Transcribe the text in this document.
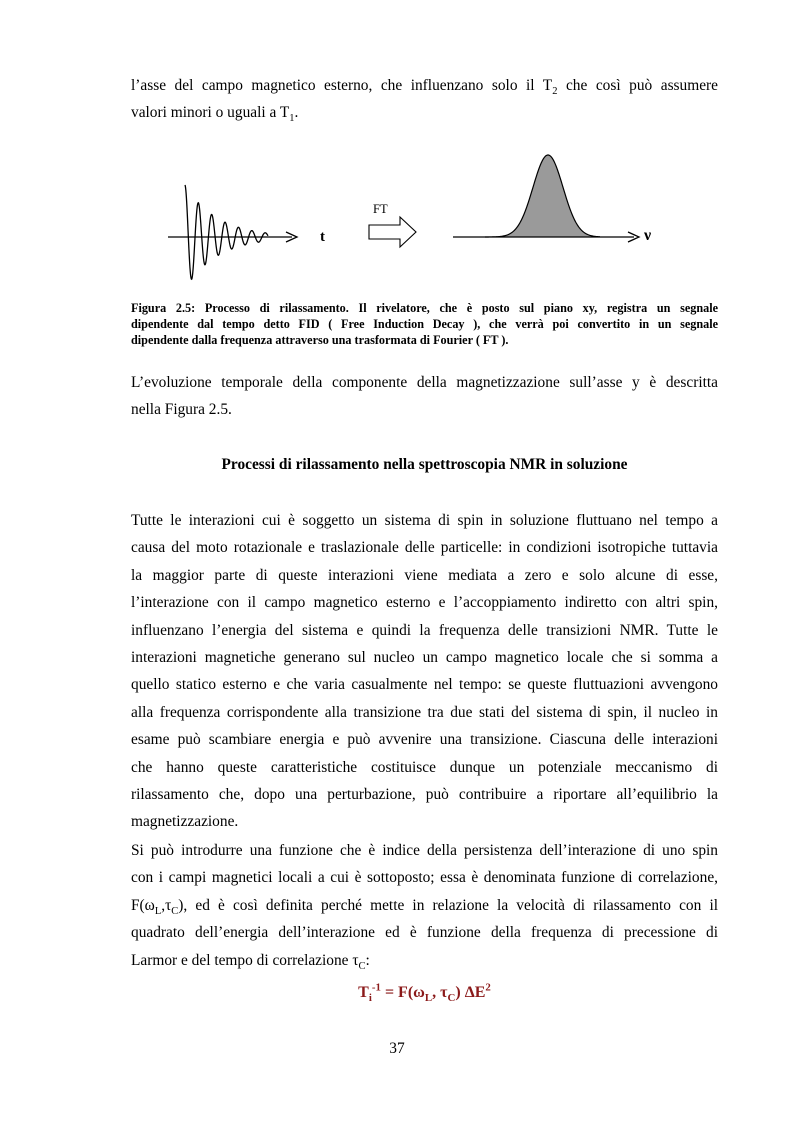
l’asse del campo magnetico esterno, che influenzano solo il $T_2$ che così può assumere
valori minori o uguali a $T_1$.

t
FT
ν

Figura 2.5: Processo di rilassamento. Il rivelatore, che è posto sul piano xy, registra un segnale
dipendente dal tempo detto FID ( Free Induction Decay ), che verrà poi convertito in un segnale
dipendente dalla frequenza attraverso una trasformata di Fourier ( FT ).

L’evoluzione temporale della componente della magnetizzazione sull’asse y è descritta
nella Figura 2.5.

Processi di rilassamento nella spettroscopia NMR in soluzione

Tutte le interazioni cui è soggetto un sistema di spin in soluzione fluttuano nel tempo a
causa del moto rotazionale e traslazionale delle particelle: in condizioni isotropiche tuttavia
la maggior parte di queste interazioni viene mediata a zero e solo alcune di esse,
l’interazione con il campo magnetico esterno e l’accoppiamento indiretto con altri spin,
influenzano l’energia del sistema e quindi la frequenza delle transizioni NMR. Tutte le
interazioni magnetiche generano sul nucleo un campo magnetico locale che si somma a
quello statico esterno e che varia casualmente nel tempo: se queste fluttuazioni avvengono
alla frequenza corrispondente alla transizione tra due stati del sistema di spin, il nucleo in
esame può scambiare energia e può avvenire una transizione. Ciascuna delle interazioni
che hanno queste caratteristiche costituisce dunque un potenziale meccanismo di
rilassamento che, dopo una perturbazione, può contribuire a riportare all’equilibrio la
magnetizzazione.

Si può introdurre una funzione che è indice della persistenza dell’interazione di uno spin
con i campi magnetici locali a cui è sottoposto; essa è denominata funzione di correlazione,
$F(\omega_L,\tau_C)$, ed è così definita perché mette in relazione la velocità di rilassamento con il
quadrato dell’energia dell’interazione ed è funzione della frequenza di precessione di
Larmor e del tempo di correlazione $\tau_C$:

$T_i^{-1} = F(\omega_L$, $\tau_C$) $\Delta E^2$
37
